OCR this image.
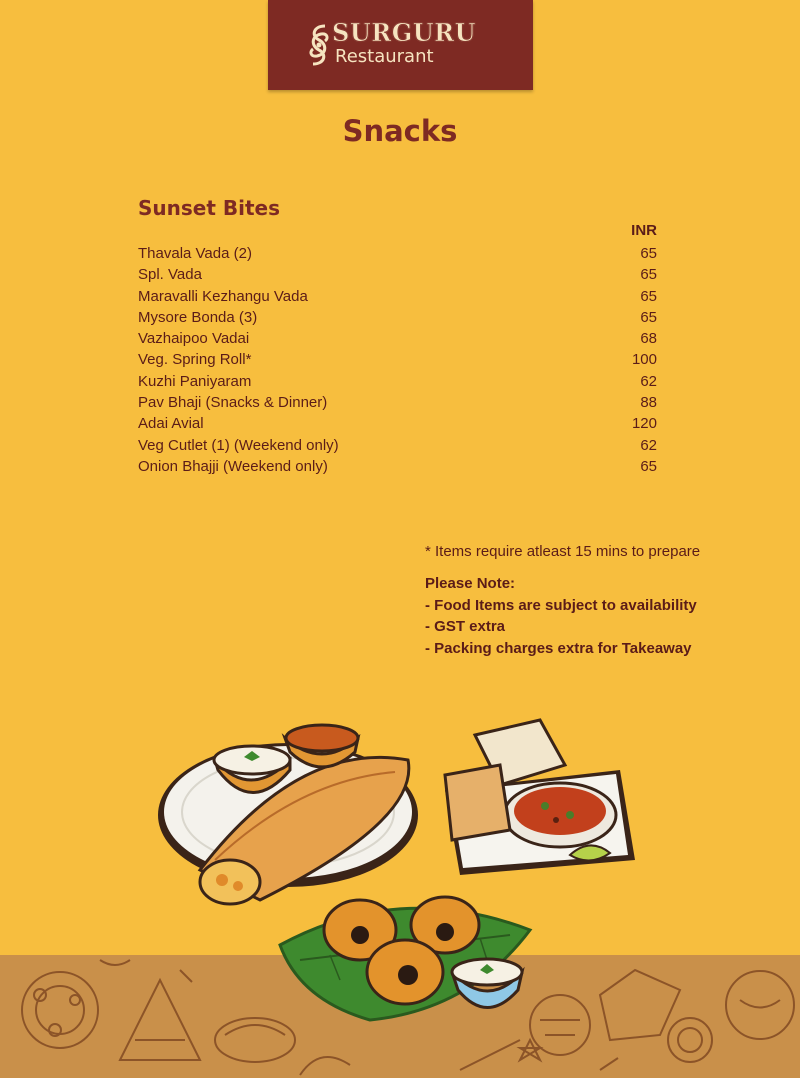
SURGURU
Restaurant
Snacks
Sunset Bites
INR
Thavala Vada (2)	65
Spl. Vada	65
Maravalli Kezhangu Vada	65
Mysore Bonda (3)	65
Vazhaipoo Vadai	68
Veg. Spring Roll*	100
Kuzhi Paniyaram	62
Pav Bhaji (Snacks & Dinner)	88
Adai Avial	120
Veg Cutlet (1) (Weekend only)	62
Onion Bhajji (Weekend only)	65
* Items require atleast 15 mins to prepare
Please Note:
- Food Items are subject to availability
- GST extra
- Packing charges extra for Takeaway
